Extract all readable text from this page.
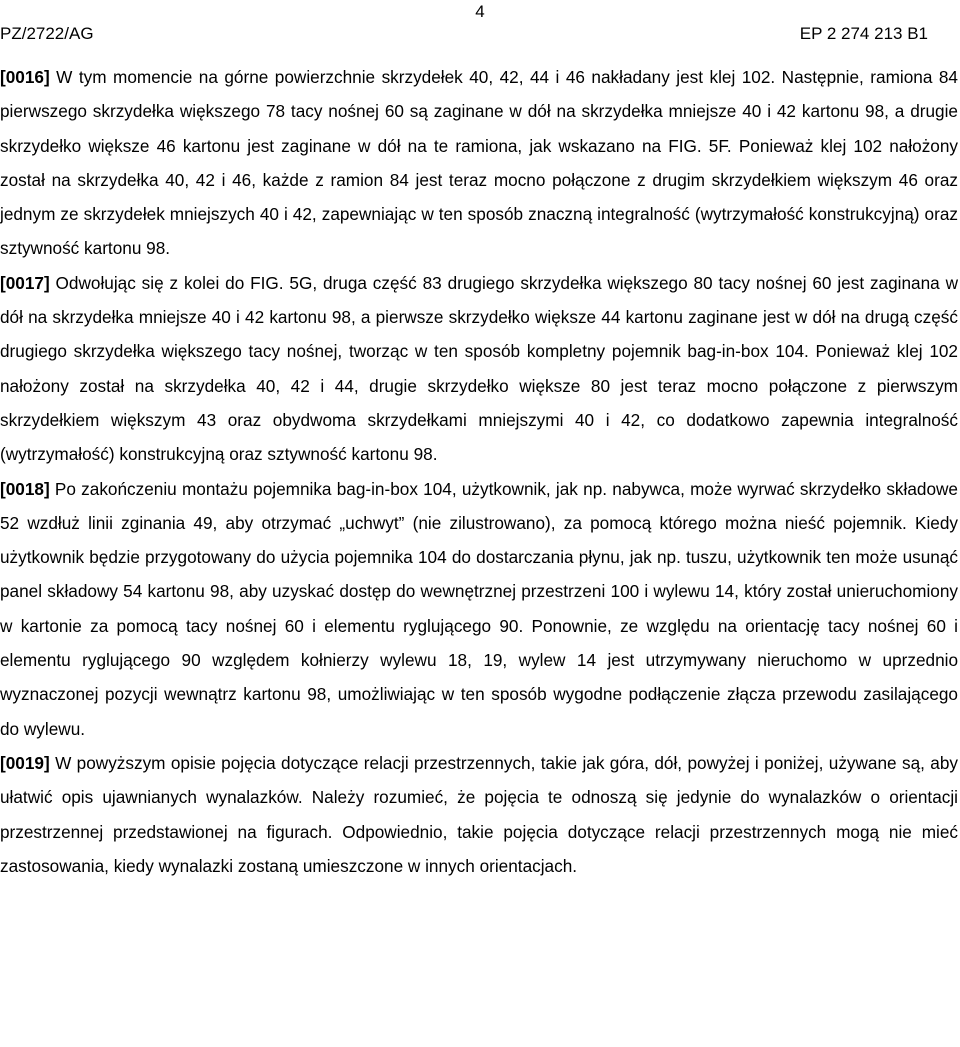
4
PZ/2722/AG	EP 2 274 213 B1

[0016] W tym momencie na górne powierzchnie skrzydełek 40, 42, 44 i 46 nakładany jest klej 102. Następnie, ramiona 84 pierwszego skrzydełka większego 78 tacy nośnej 60 są zaginane w dół na skrzydełka mniejsze 40 i 42 kartonu 98, a drugie skrzydełko większe 46 kartonu jest zaginane w dół na te ramiona, jak wskazano na FIG. 5F. Ponieważ klej 102 nałożony został na skrzydełka 40, 42 i 46, każde z ramion 84 jest teraz mocno połączone z drugim skrzydełkiem większym 46 oraz jednym ze skrzydełek mniejszych 40 i 42, zapewniając w ten sposób znaczną integralność (wytrzymałość konstrukcyjną) oraz sztywność kartonu 98.

[0017] Odwołując się z kolei do FIG. 5G, druga część 83 drugiego skrzydełka większego 80 tacy nośnej 60 jest zaginana w dół na skrzydełka mniejsze 40 i 42 kartonu 98, a pierwsze skrzydełko większe 44 kartonu zaginane jest w dół na drugą część drugiego skrzydełka większego tacy nośnej, tworząc w ten sposób kompletny pojemnik bag-in-box 104. Ponieważ klej 102 nałożony został na skrzydełka 40, 42 i 44, drugie skrzydełko większe 80 jest teraz mocno połączone z pierwszym skrzydełkiem większym 43 oraz obydwoma skrzydełkami mniejszymi 40 i 42, co dodatkowo zapewnia integralność (wytrzymałość) konstrukcyjną oraz sztywność kartonu 98.

[0018] Po zakończeniu montażu pojemnika bag-in-box 104, użytkownik, jak np. nabywca, może wyrwać skrzydełko składowe 52 wzdłuż linii zginania 49, aby otrzymać „uchwyt” (nie zilustrowano), za pomocą którego można nieść pojemnik. Kiedy użytkownik będzie przygotowany do użycia pojemnika 104 do dostarczania płynu, jak np. tuszu, użytkownik ten może usunąć panel składowy 54 kartonu 98, aby uzyskać dostęp do wewnętrznej przestrzeni 100 i wylewu 14, który został unieruchomiony w kartonie za pomocą tacy nośnej 60 i elementu ryglującego 90. Ponownie, ze względu na orientację tacy nośnej 60 i elementu ryglującego 90 względem kołnierzy wylewu 18, 19, wylew 14 jest utrzymywany nieruchomo w uprzednio wyznaczonej pozycji wewnątrz kartonu 98, umożliwiając w ten sposób wygodne podłączenie złącza przewodu zasilającego do wylewu.

[0019] W powyższym opisie pojęcia dotyczące relacji przestrzennych, takie jak góra, dół, powyżej i poniżej, używane są, aby ułatwić opis ujawnianych wynalazków. Należy rozumieć, że pojęcia te odnoszą się jedynie do wynalazków o orientacji przestrzennej przedstawionej na figurach. Odpowiednio, takie pojęcia dotyczące relacji przestrzennych mogą nie mieć zastosowania, kiedy wynalazki zostaną umieszczone w innych orientacjach.
